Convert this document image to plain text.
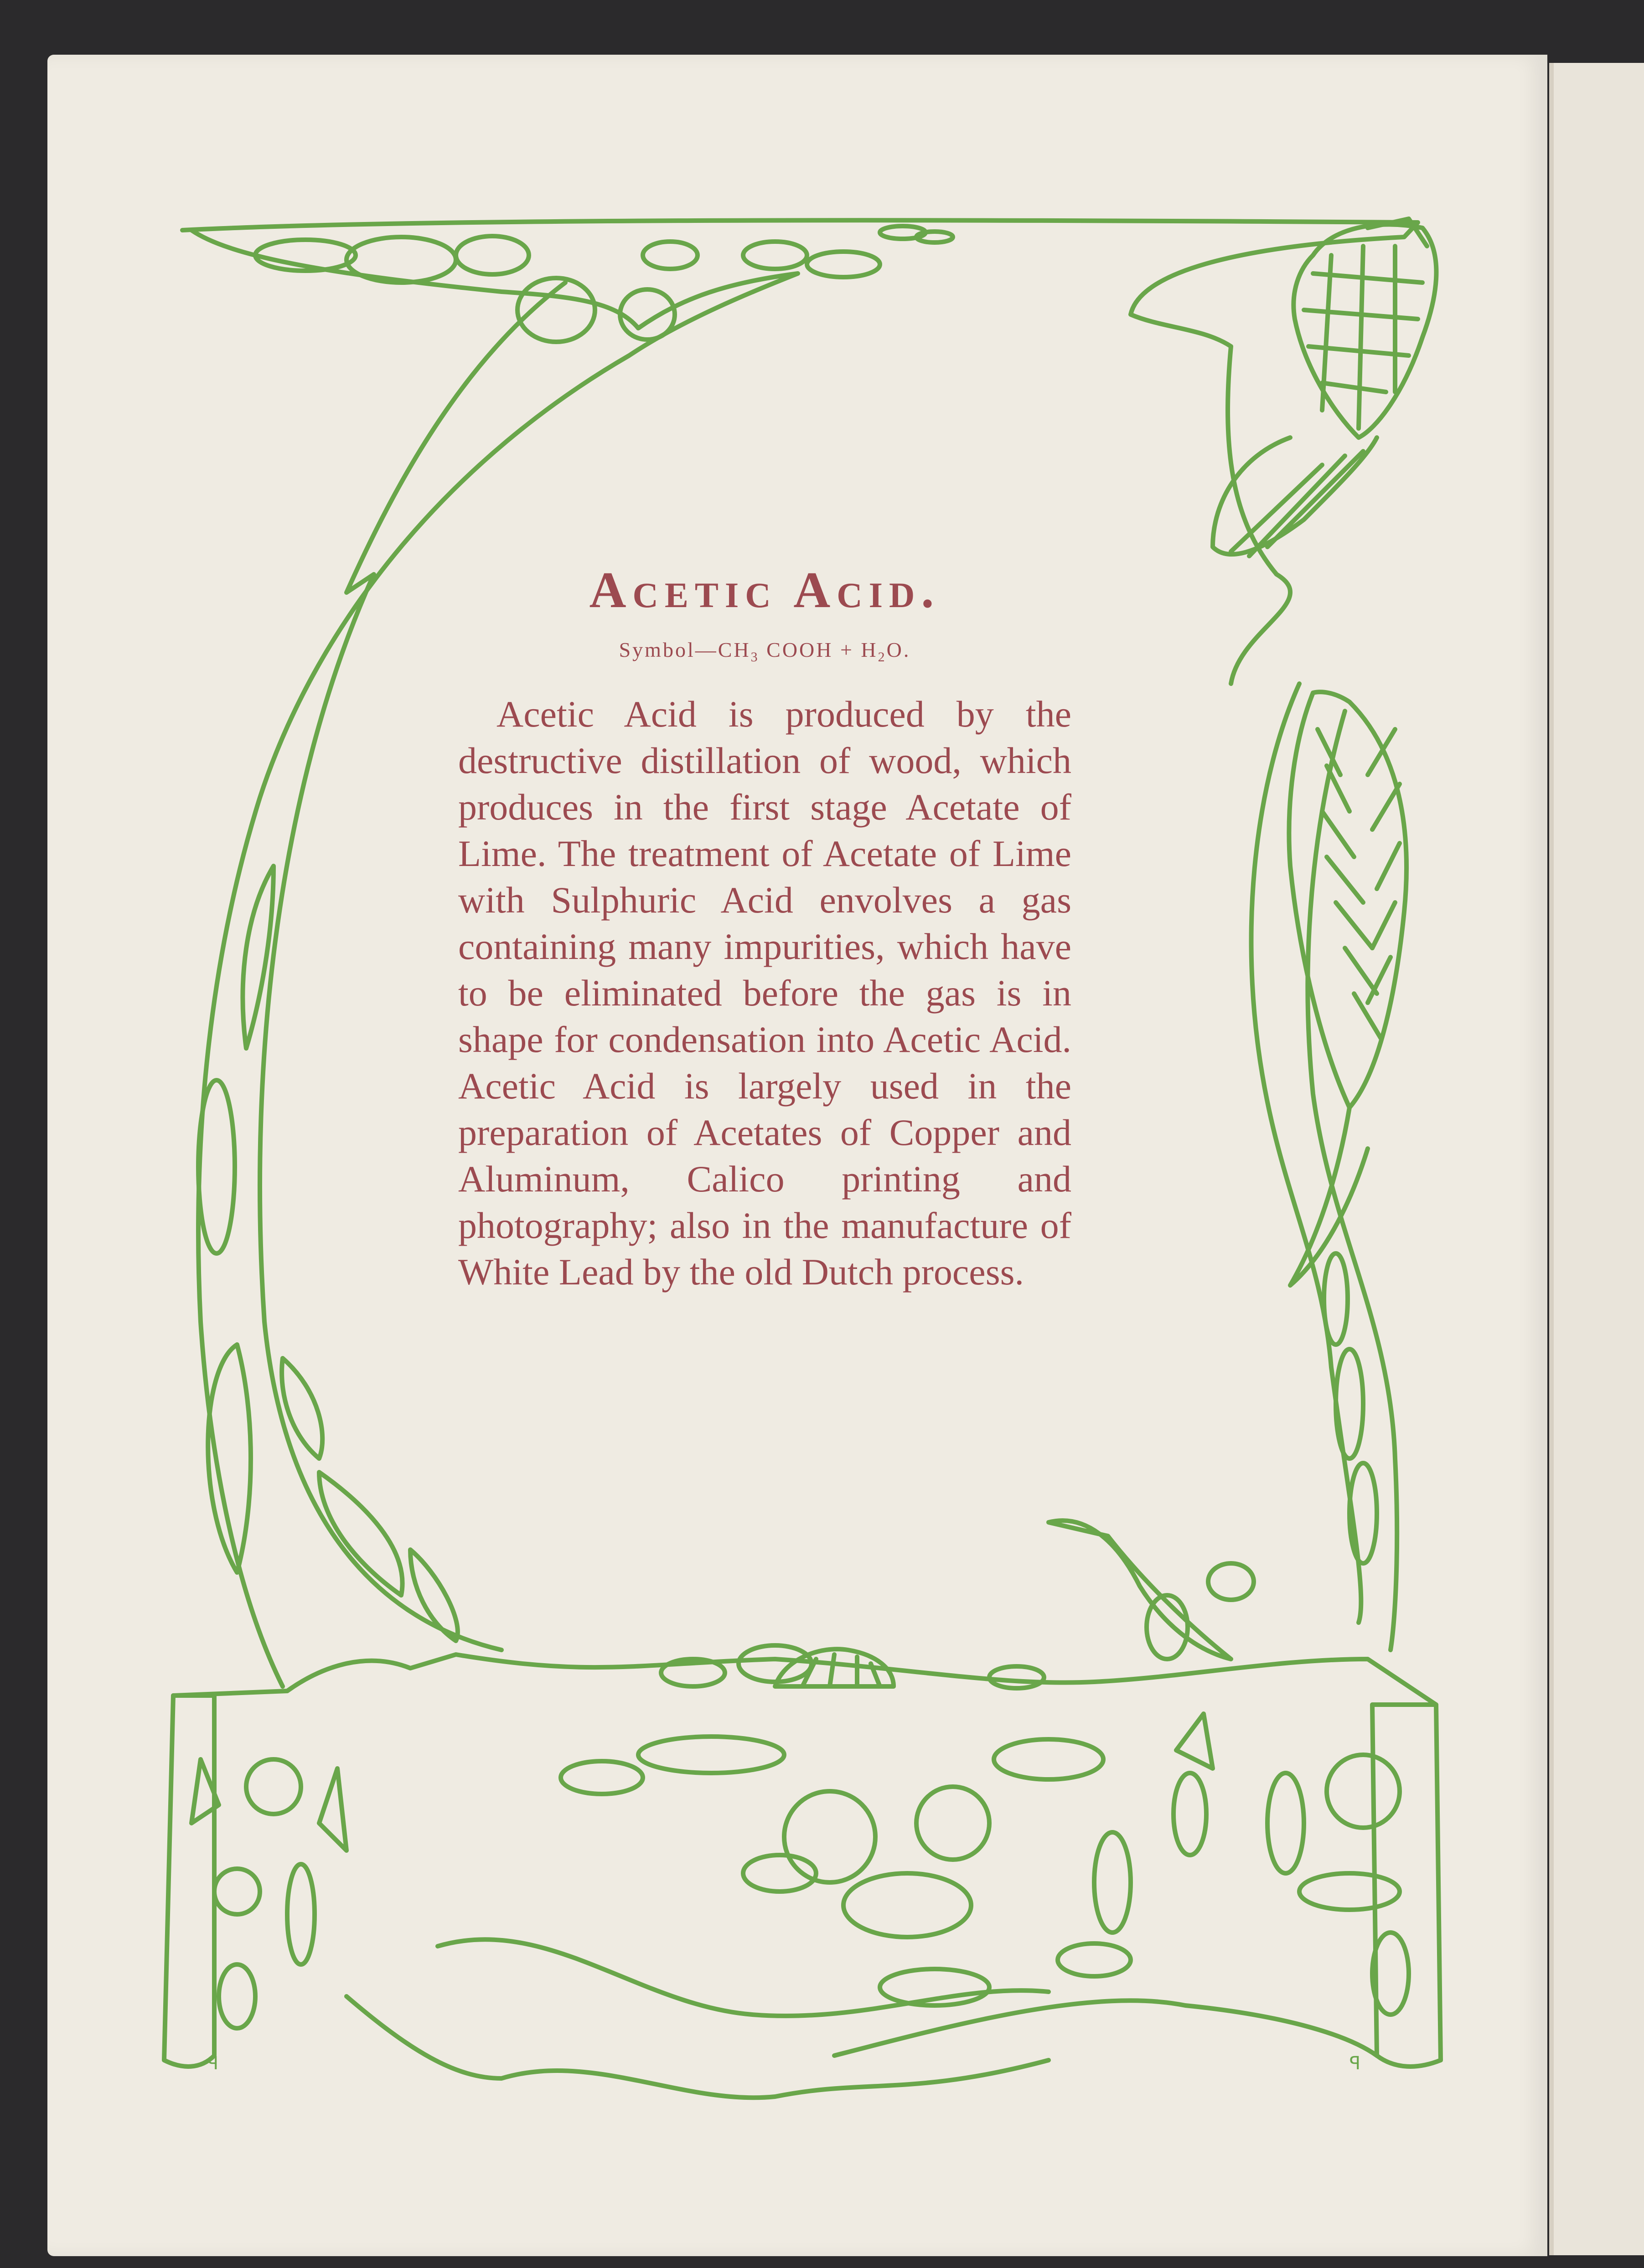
ꟼ	ꟼ
Acetic Acid.

$Symbol—CH_3$ COOH + $H_2O$.

Acetic Acid is produced by the destructive distillation of wood, which produces in the first stage Acetate of Lime. The treatment of Acetate of Lime with Sulphuric Acid envolves a gas containing many impurities, which have to be eliminated before the gas is in shape for condensation into Acetic Acid. Acetic Acid is largely used in the preparation of Acetates of Copper and Aluminum, Calico printing and photography; also in the manufacture of White Lead by the old Dutch process.
